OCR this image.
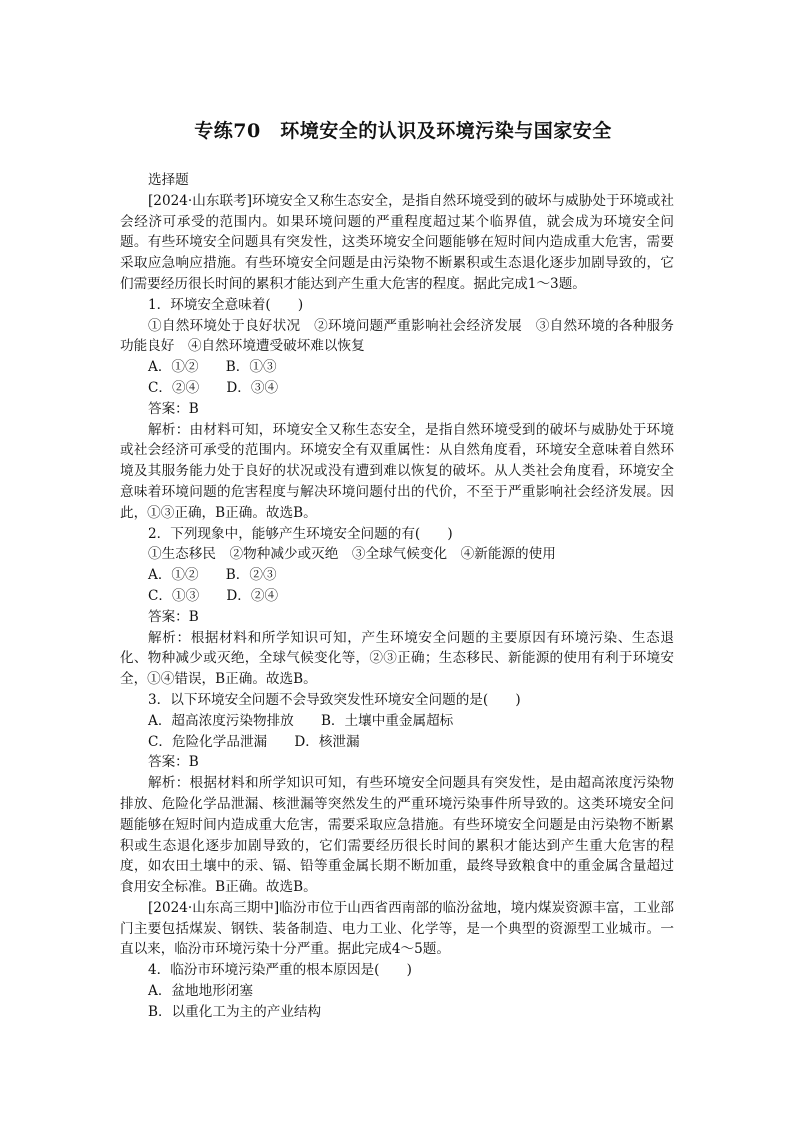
专练70　环境安全的认识及环境污染与国家安全

选择题

[2024·山东联考]环境安全又称生态安全，是指自然环境受到的破坏与威胁处于环境或社会经济可承受的范围内。如果环境问题的严重程度超过某个临界值，就会成为环境安全问题。有些环境安全问题具有突发性，这类环境安全问题能够在短时间内造成重大危害，需要采取应急响应措施。有些环境安全问题是由污染物不断累积或生态退化逐步加剧导致的，它们需要经历很长时间的累积才能达到产生重大危害的程度。据此完成1～3题。

1．环境安全意味着(　　)

①自然环境处于良好状况　②环境问题严重影响社会经济发展　③自然环境的各种服务功能良好　④自然环境遭受破坏难以恢复

A．①②　　B．①③

C．②④　　D．③④

答案：B

解析：由材料可知，环境安全又称生态安全，是指自然环境受到的破坏与威胁处于环境或社会经济可承受的范围内。环境安全有双重属性：从自然角度看，环境安全意味着自然环境及其服务能力处于良好的状况或没有遭到难以恢复的破坏。从人类社会角度看，环境安全意味着环境问题的危害程度与解决环境问题付出的代价，不至于严重影响社会经济发展。因此，①③正确，B正确。故选B。

2．下列现象中，能够产生环境安全问题的有(　　)

①生态移民　②物种减少或灭绝　③全球气候变化　④新能源的使用

A．①②　　B．②③

C．①③　　D．②④

答案：B

解析：根据材料和所学知识可知，产生环境安全问题的主要原因有环境污染、生态退化、物种减少或灭绝，全球气候变化等，②③正确；生态移民、新能源的使用有利于环境安全，①④错误，B正确。故选B。

3．以下环境安全问题不会导致突发性环境安全问题的是(　　)

A．超高浓度污染物排放　　B．土壤中重金属超标

C．危险化学品泄漏　　D．核泄漏

答案：B

解析：根据材料和所学知识可知，有些环境安全问题具有突发性，是由超高浓度污染物排放、危险化学品泄漏、核泄漏等突然发生的严重环境污染事件所导致的。这类环境安全问题能够在短时间内造成重大危害，需要采取应急措施。有些环境安全问题是由污染物不断累积或生态退化逐步加剧导致的，它们需要经历很长时间的累积才能达到产生重大危害的程度，如农田土壤中的汞、镉、铅等重金属长期不断加重，最终导致粮食中的重金属含量超过食用安全标准。B正确。故选B。

[2024·山东高三期中]临汾市位于山西省西南部的临汾盆地，境内煤炭资源丰富，工业部门主要包括煤炭、钢铁、装备制造、电力工业、化学等，是一个典型的资源型工业城市。一直以来，临汾市环境污染十分严重。据此完成4～5题。

4．临汾市环境污染严重的根本原因是(　　)

A．盆地地形闭塞

B．以重化工为主的产业结构
